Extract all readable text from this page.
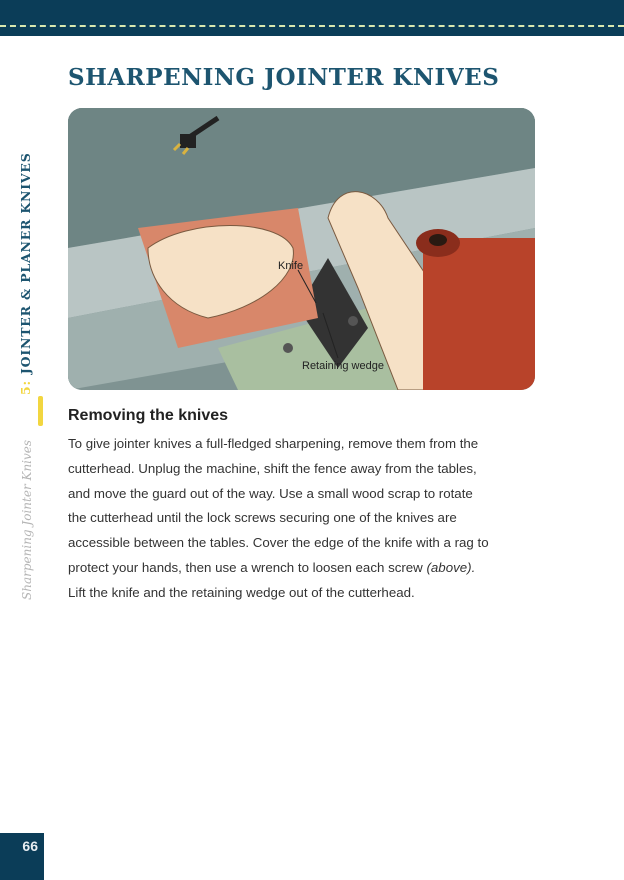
SHARPENING JOINTER KNIVES
5:JOINTER & PLANER KNIVES
Sharpening Jointer Knives
Knife
Retaining wedge
Removing the knives
To give jointer knives a full-fledged sharpening, remove them from the
cutterhead. Unplug the machine, shift the fence away from the tables,
and move the guard out of the way. Use a small wood scrap to rotate
the cutterhead until the lock screws securing one of the knives are
accessible between the tables. Cover the edge of the knife with a rag to
protect your hands, then use a wrench to loosen each screw (above).
Lift the knife and the retaining wedge out of the cutterhead.
66
